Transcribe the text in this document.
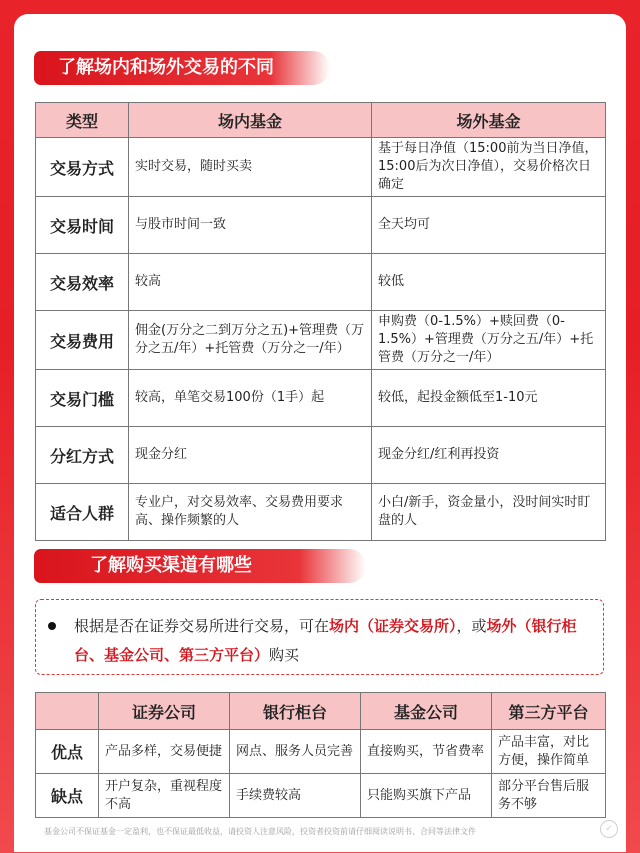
了解场内和场外交易的不同
类型	场内基金	场外基金
交易方式	实时交易，随时买卖	基于每日净值（15:00前为当日净值，15:00后为次日净值），交易价格次日确定
交易时间	与股市时间一致	全天均可
交易效率	较高	较低
交易费用	佣金(万分之二到万分之五)+管理费（万分之五/年）+托管费（万分之一/年）	申购费（0-1.5%）+赎回费（0-1.5%）+管理费（万分之五/年）+托管费（万分之一/年）
交易门槛	较高，单笔交易100份（1手）起	较低，起投金额低至1-10元
分红方式	现金分红	现金分红/红利再投资
适合人群	专业户，对交易效率、交易费用要求高、操作频繁的人	小白/新手，资金量小，没时间实时盯盘的人
了解购买渠道有哪些
根据是否在证券交易所进行交易，可在场内（证券交易所），或场外（银行柜台、基金公司、第三方平台）购买
	证券公司	银行柜台	基金公司	第三方平台
优点	产品多样，交易便捷	网点、服务人员完善	直接购买，节省费率	产品丰富，对比方便，操作简单
缺点	开户复杂，重视程度不高	手续费较高	只能购买旗下产品	部分平台售后服务不够
基金公司不保证基金一定盈利，也不保证最低收益，请投资人注意风险，投资者投资前请仔细阅读说明书、合同等法律文件	✓
